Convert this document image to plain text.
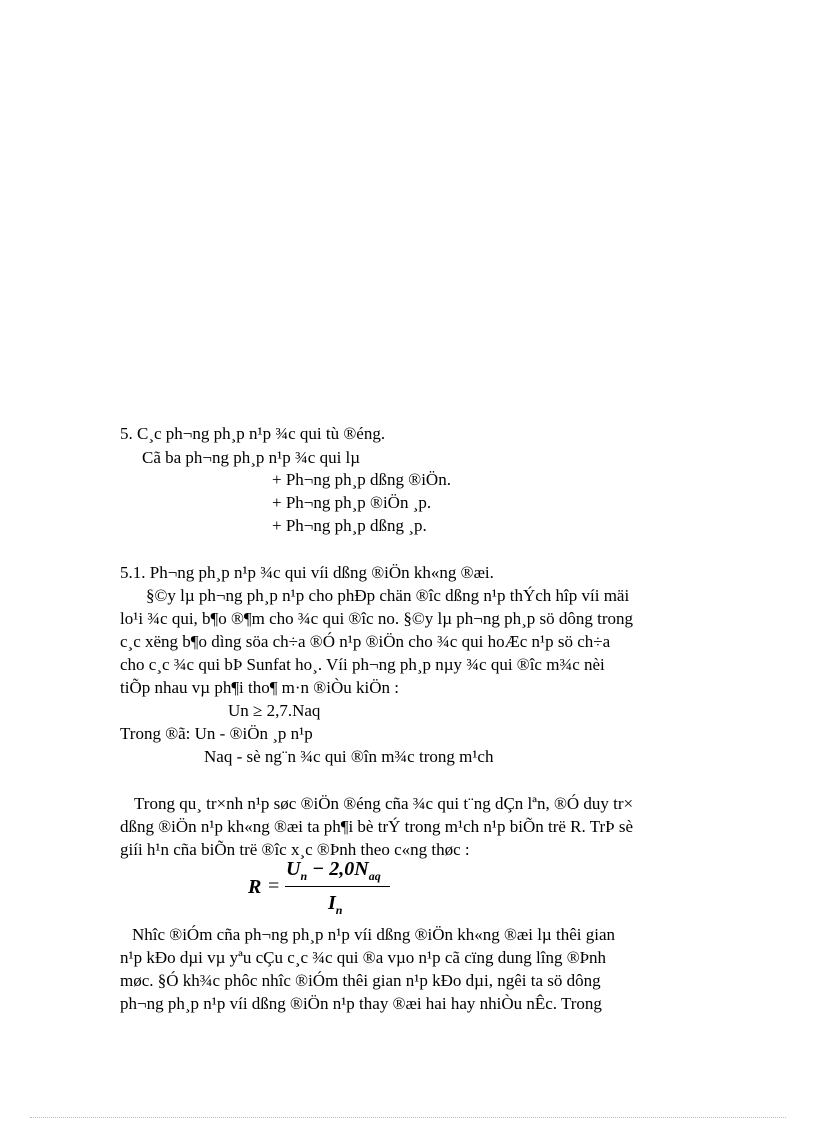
5. C¸c ph¬ng ph¸p n¹p ¾c qui tù ®éng.
Cã ba ph¬ng ph¸p n¹p ¾c qui lµ
+ Ph¬ng ph¸p dßng ®iÖn.
+ Ph¬ng ph¸p ®iÖn ¸p.
+ Ph¬ng ph¸p dßng ¸p.
5.1. Ph¬ng ph¸p n¹p ¾c qui víi dßng ®iÖn kh«ng ®æi.
§©y lµ ph¬ng ph¸p n¹p cho phÐp chän ®îc dßng n¹p thÝch hîp víi mäi
lo¹i ¾c qui, b¶o ®¶m cho ¾c qui ®îc no. §©y lµ ph¬ng ph¸p sö dông trong
c¸c xëng b¶o dìng söa ch÷a ®Ó n¹p ®iÖn cho ¾c qui hoÆc n¹p sö ch÷a
cho c¸c ¾c qui bÞ Sunfat ho¸. Víi ph¬ng ph¸p nµy ¾c qui ®îc m¾c nèi
tiÕp nhau vµ ph¶i tho¶ m·n ®iÒu kiÖn :
Un ≥ 2,7.Naq
Trong ®ã: Un - ®iÖn ¸p n¹p
Naq - sè ng¨n ¾c qui ®în m¾c trong m¹ch
Trong qu¸ tr×nh n¹p søc ®iÖn ®éng cña ¾c qui t¨ng dÇn lªn, ®Ó duy tr×
dßng ®iÖn n¹p kh«ng ®æi ta ph¶i bè trÝ trong m¹ch n¹p biÕn trë R. TrÞ sè
giíi h¹n cña biÕn trë ®îc x¸c ®Þnh theo c«ng thøc :
R =
$U_n - 2,0N_{aq}$
$I_n$
Nhîc ®iÓm cña ph¬ng ph¸p n¹p víi dßng ®iÖn kh«ng ®æi lµ thêi gian
n¹p kÐo dµi vµ yªu cÇu c¸c ¾c qui ®a vµo n¹p cã cïng dung lîng ®Þnh
møc. §Ó kh¾c phôc nhîc ®iÓm thêi gian n¹p kÐo dµi, ngêi ta sö dông
ph¬ng ph¸p n¹p víi dßng ®iÖn n¹p thay ®æi hai hay nhiÒu nÊc. Trong
